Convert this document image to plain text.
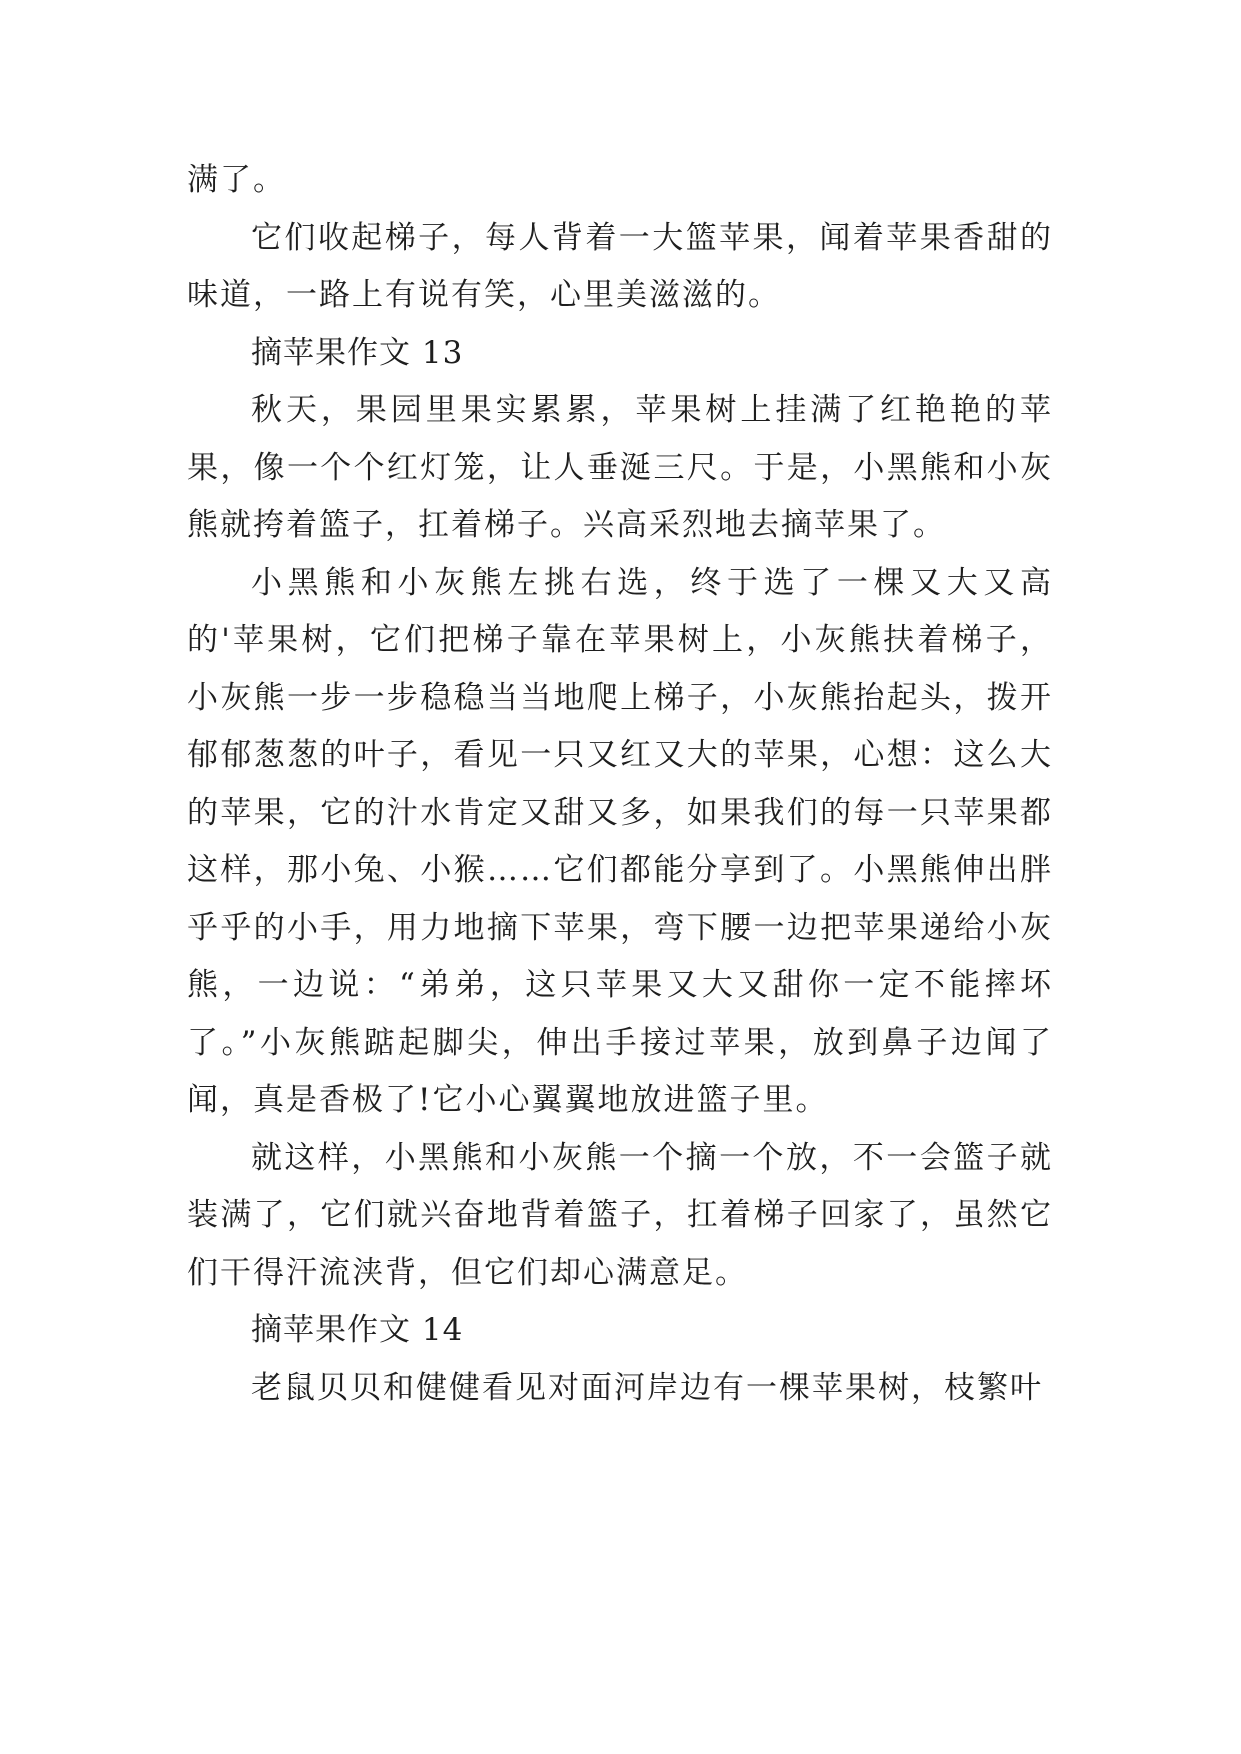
满了。

它们收起梯子，每人背着一大篮苹果，闻着苹果香甜的味道，一路上有说有笑，心里美滋滋的。

摘苹果作文 13

秋天，果园里果实累累，苹果树上挂满了红艳艳的苹果，像一个个红灯笼，让人垂涎三尺。于是，小黑熊和小灰熊就挎着篮子，扛着梯子。兴高采烈地去摘苹果了。

小黑熊和小灰熊左挑右选，终于选了一棵又大又高的'苹果树，它们把梯子靠在苹果树上，小灰熊扶着梯子，小灰熊一步一步稳稳当当地爬上梯子，小灰熊抬起头，拨开郁郁葱葱的叶子，看见一只又红又大的苹果，心想：这么大的苹果，它的汁水肯定又甜又多，如果我们的每一只苹果都这样，那小兔、小猴……它们都能分享到了。小黑熊伸出胖乎乎的小手，用力地摘下苹果，弯下腰一边把苹果递给小灰熊，一边说：“弟弟，这只苹果又大又甜你一定不能摔坏了。”小灰熊踮起脚尖，伸出手接过苹果，放到鼻子边闻了闻，真是香极了!它小心翼翼地放进篮子里。

就这样，小黑熊和小灰熊一个摘一个放，不一会篮子就装满了，它们就兴奋地背着篮子，扛着梯子回家了，虽然它们干得汗流浃背，但它们却心满意足。

摘苹果作文 14

老鼠贝贝和健健看见对面河岸边有一棵苹果树，枝繁叶
